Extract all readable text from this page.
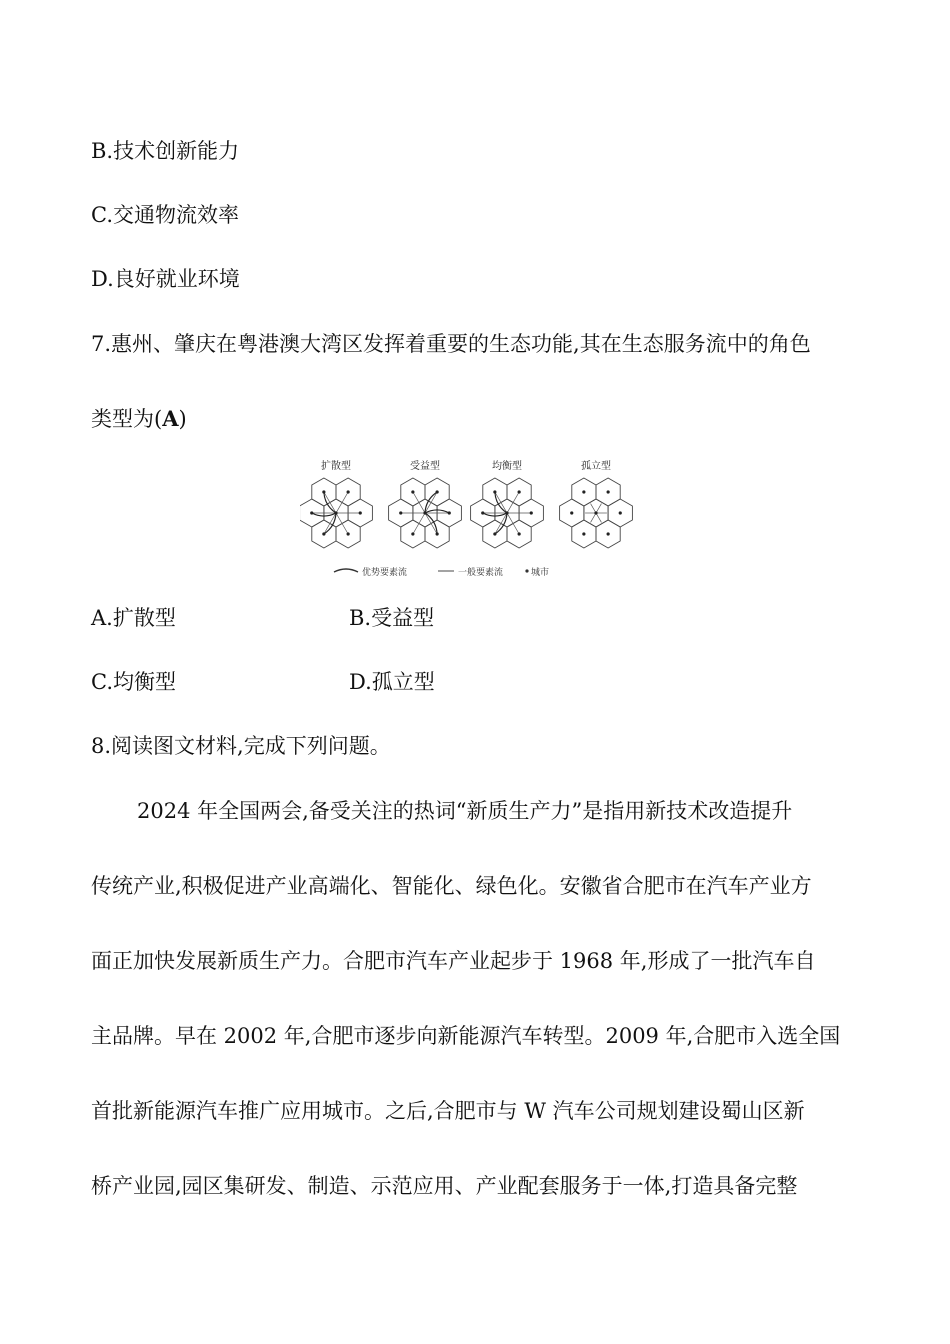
B.技术创新能力
C.交通物流效率
D.良好就业环境
7.惠州、肇庆在粤港澳大湾区发挥着重要的生态功能,其在生态服务流中的角色
类型为(A)
扩散型	受益型	均衡型	孤立型
优势要素流	一般要素流	城市
A.扩散型	B.受益型
C.均衡型	D.孤立型
8.阅读图文材料,完成下列问题。
2024 年全国两会,备受关注的热词“新质生产力”是指用新技术改造提升
传统产业,积极促进产业高端化、智能化、绿色化。安徽省合肥市在汽车产业方
面正加快发展新质生产力。合肥市汽车产业起步于 1968 年,形成了一批汽车自
主品牌。早在 2002 年,合肥市逐步向新能源汽车转型。2009 年,合肥市入选全国
首批新能源汽车推广应用城市。之后,合肥市与 W 汽车公司规划建设蜀山区新
桥产业园,园区集研发、制造、示范应用、产业配套服务于一体,打造具备完整
